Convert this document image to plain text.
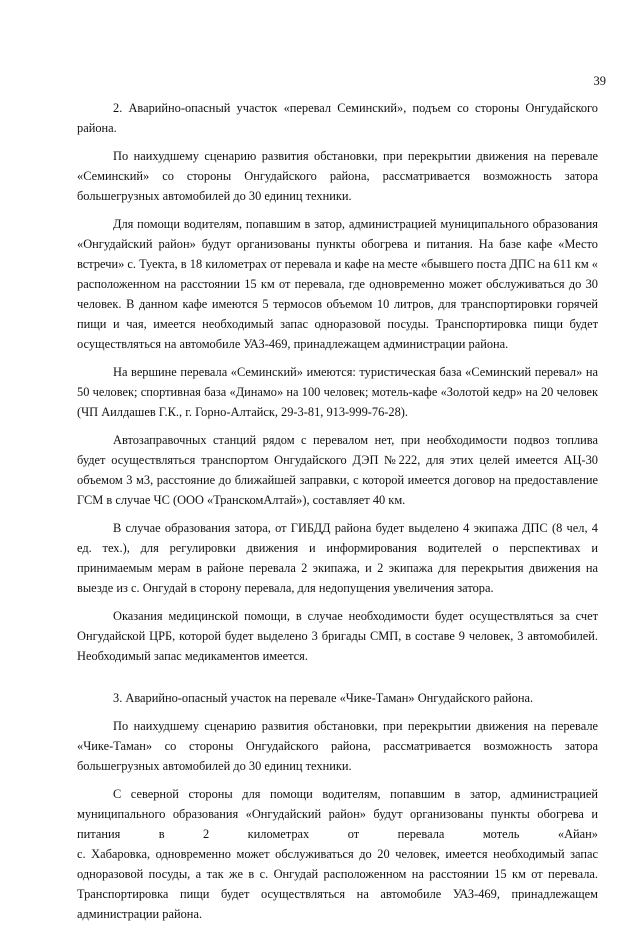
39

2. Аварийно-опасный участок «перевал Семинский», подъем со стороны Онгудайского района.

По наихудшему сценарию развития обстановки, при перекрытии движения на перевале «Семинский» со стороны Онгудайского района, рассматривается возможность затора большегрузных автомобилей до 30 единиц техники.

Для помощи водителям, попавшим в затор, администрацией муниципального образования «Онгудайский район» будут организованы пункты обогрева и питания. На базе кафе «Место встречи» с. Туекта, в 18 километрах от перевала и кафе на месте «бывшего поста ДПС на 611 км « расположенном на расстоянии 15 км от перевала, где одновременно может обслуживаться до 30 человек. В данном кафе имеются 5 термосов объемом 10 литров, для транспортировки горячей пищи и чая, имеется необходимый запас одноразовой посуды. Транспортировка пищи будет осуществляться на автомобиле УАЗ-469, принадлежащем администрации района.

На вершине перевала «Семинский» имеются: туристическая база «Семинский перевал» на 50 человек; спортивная база «Динамо» на 100 человек; мотель-кафе «Золотой кедр» на 20 человек (ЧП Аилдашев Г.К., г. Горно-Алтайск, 29-3-81, 913-999-76-28).

Автозаправочных станций рядом с перевалом нет, при необходимости подвоз топлива будет осуществляться транспортом Онгудайского ДЭП №222, для этих целей имеется АЦ-30 объемом 3 м3, расстояние до ближайшей заправки, с которой имеется договор на предоставление ГСМ в случае ЧС (ООО «ТранскомАлтай»), составляет 40 км.

В случае образования затора, от ГИБДД района будет выделено 4 экипажа ДПС (8 чел, 4 ед. тех.), для регулировки движения и информирования водителей о перспективах и принимаемым мерам в районе перевала 2 экипажа, и 2 экипажа для перекрытия движения на выезде из с. Онгудай в сторону перевала, для недопущения увеличения затора.

Оказания медицинской помощи, в случае необходимости будет осуществляться за счет Онгудайской ЦРБ, которой будет выделено 3 бригады СМП, в составе 9 человек, 3 автомобилей. Необходимый запас медикаментов имеется.

3. Аварийно-опасный участок на перевале «Чике-Таман» Онгудайского района.

По наихудшему сценарию развития обстановки, при перекрытии движения на перевале «Чике-Таман» со стороны Онгудайского района, рассматривается возможность затора большегрузных автомобилей до 30 единиц техники.

С северной стороны для помощи водителям, попавшим в затор, администрацией муниципального образования «Онгудайский район» будут организованы пункты обогрева и питания в 2 километрах от перевала мотель «Айан»

с. Хабаровка, одновременно может обслуживаться до 20 человек, имеется необходимый запас одноразовой посуды, а так же в с. Онгудай расположенном на расстоянии 15 км от перевала. Транспортировка пищи будет осуществляться на автомобиле УАЗ-469, принадлежащем администрации района.
